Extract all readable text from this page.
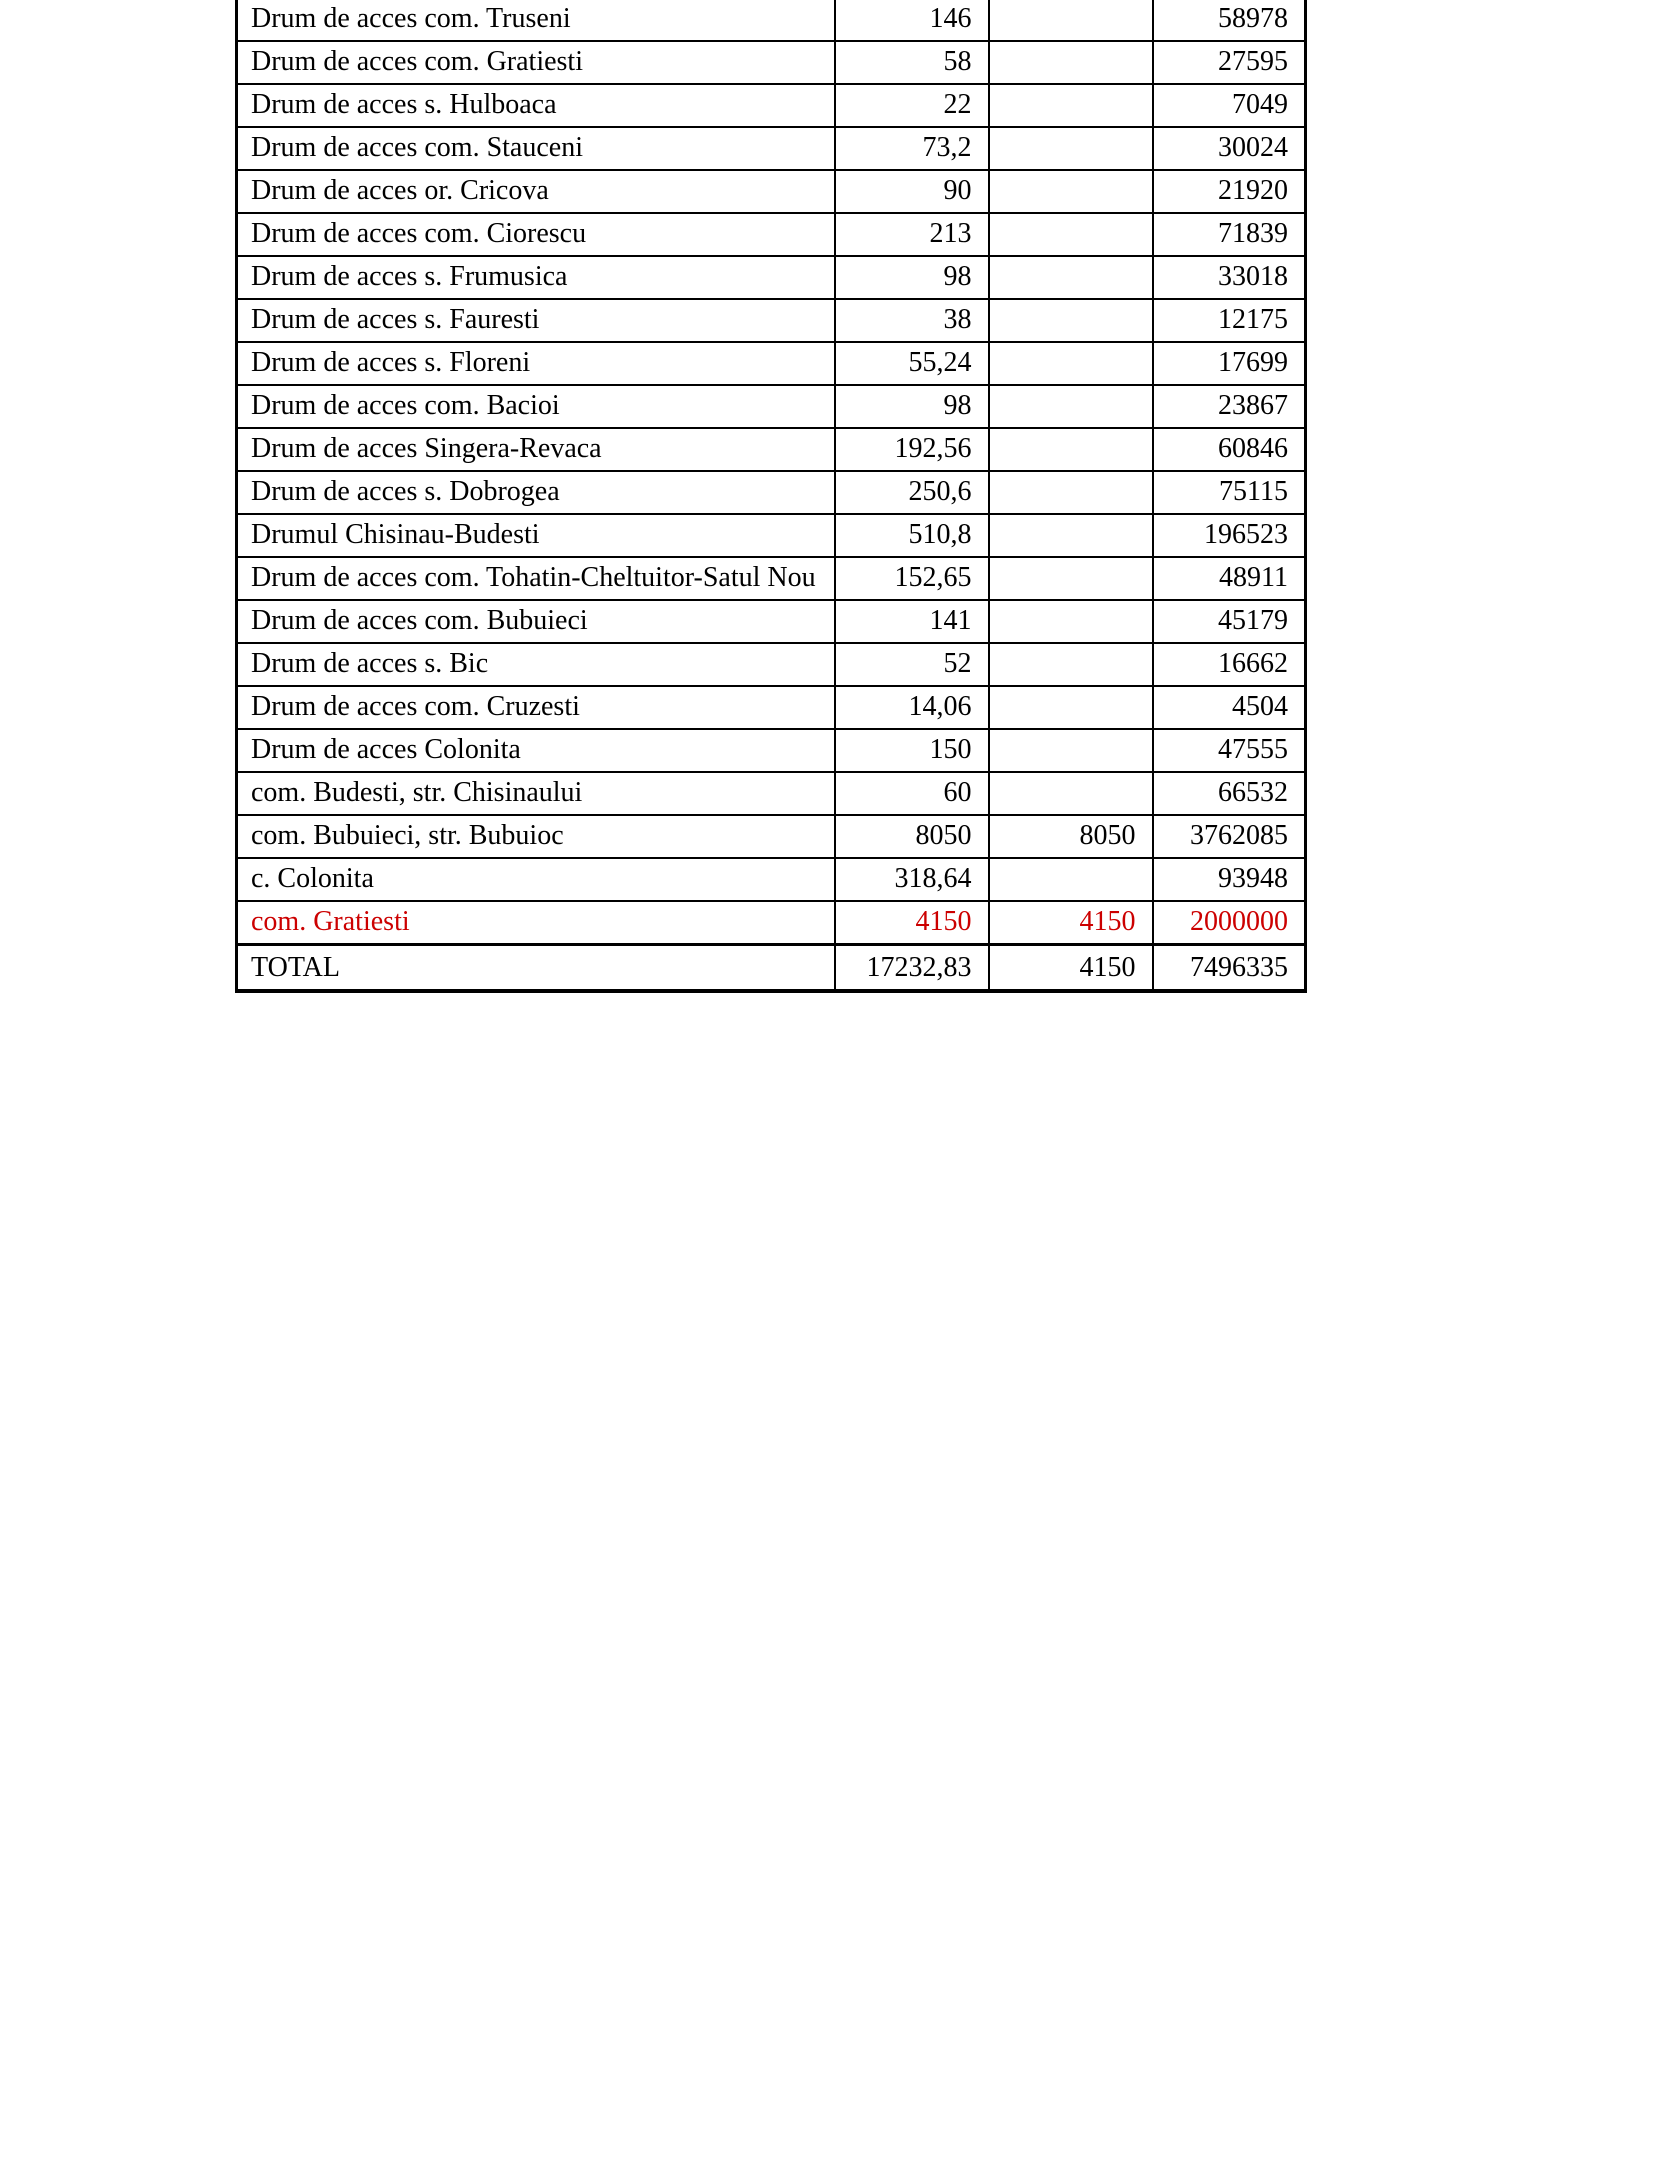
Drum de acces com. Truseni	146		58978
Drum de acces com. Gratiesti	58		27595
Drum de acces s. Hulboaca	22		7049
Drum de acces com. Stauceni	73,2		30024
Drum de acces or. Cricova	90		21920
Drum de acces com. Ciorescu	213		71839
Drum de acces s. Frumusica	98		33018
Drum de acces s. Fauresti	38		12175
Drum de acces s. Floreni	55,24		17699
Drum de acces com. Bacioi	98		23867
Drum de acces Singera-Revaca	192,56		60846
Drum de acces s. Dobrogea	250,6		75115
Drumul Chisinau-Budesti	510,8		196523
Drum de acces com. Tohatin-Cheltuitor-Satul Nou	152,65		48911
Drum de acces com. Bubuieci	141		45179
Drum de acces s. Bic	52		16662
Drum de acces com. Cruzesti	14,06		4504
Drum de acces Colonita	150		47555
com. Budesti, str. Chisinaului	60		66532
com. Bubuieci, str. Bubuioc	8050	8050	3762085
c. Colonita	318,64		93948
com. Gratiesti	4150	4150	2000000
TOTAL	17232,83	4150	7496335
